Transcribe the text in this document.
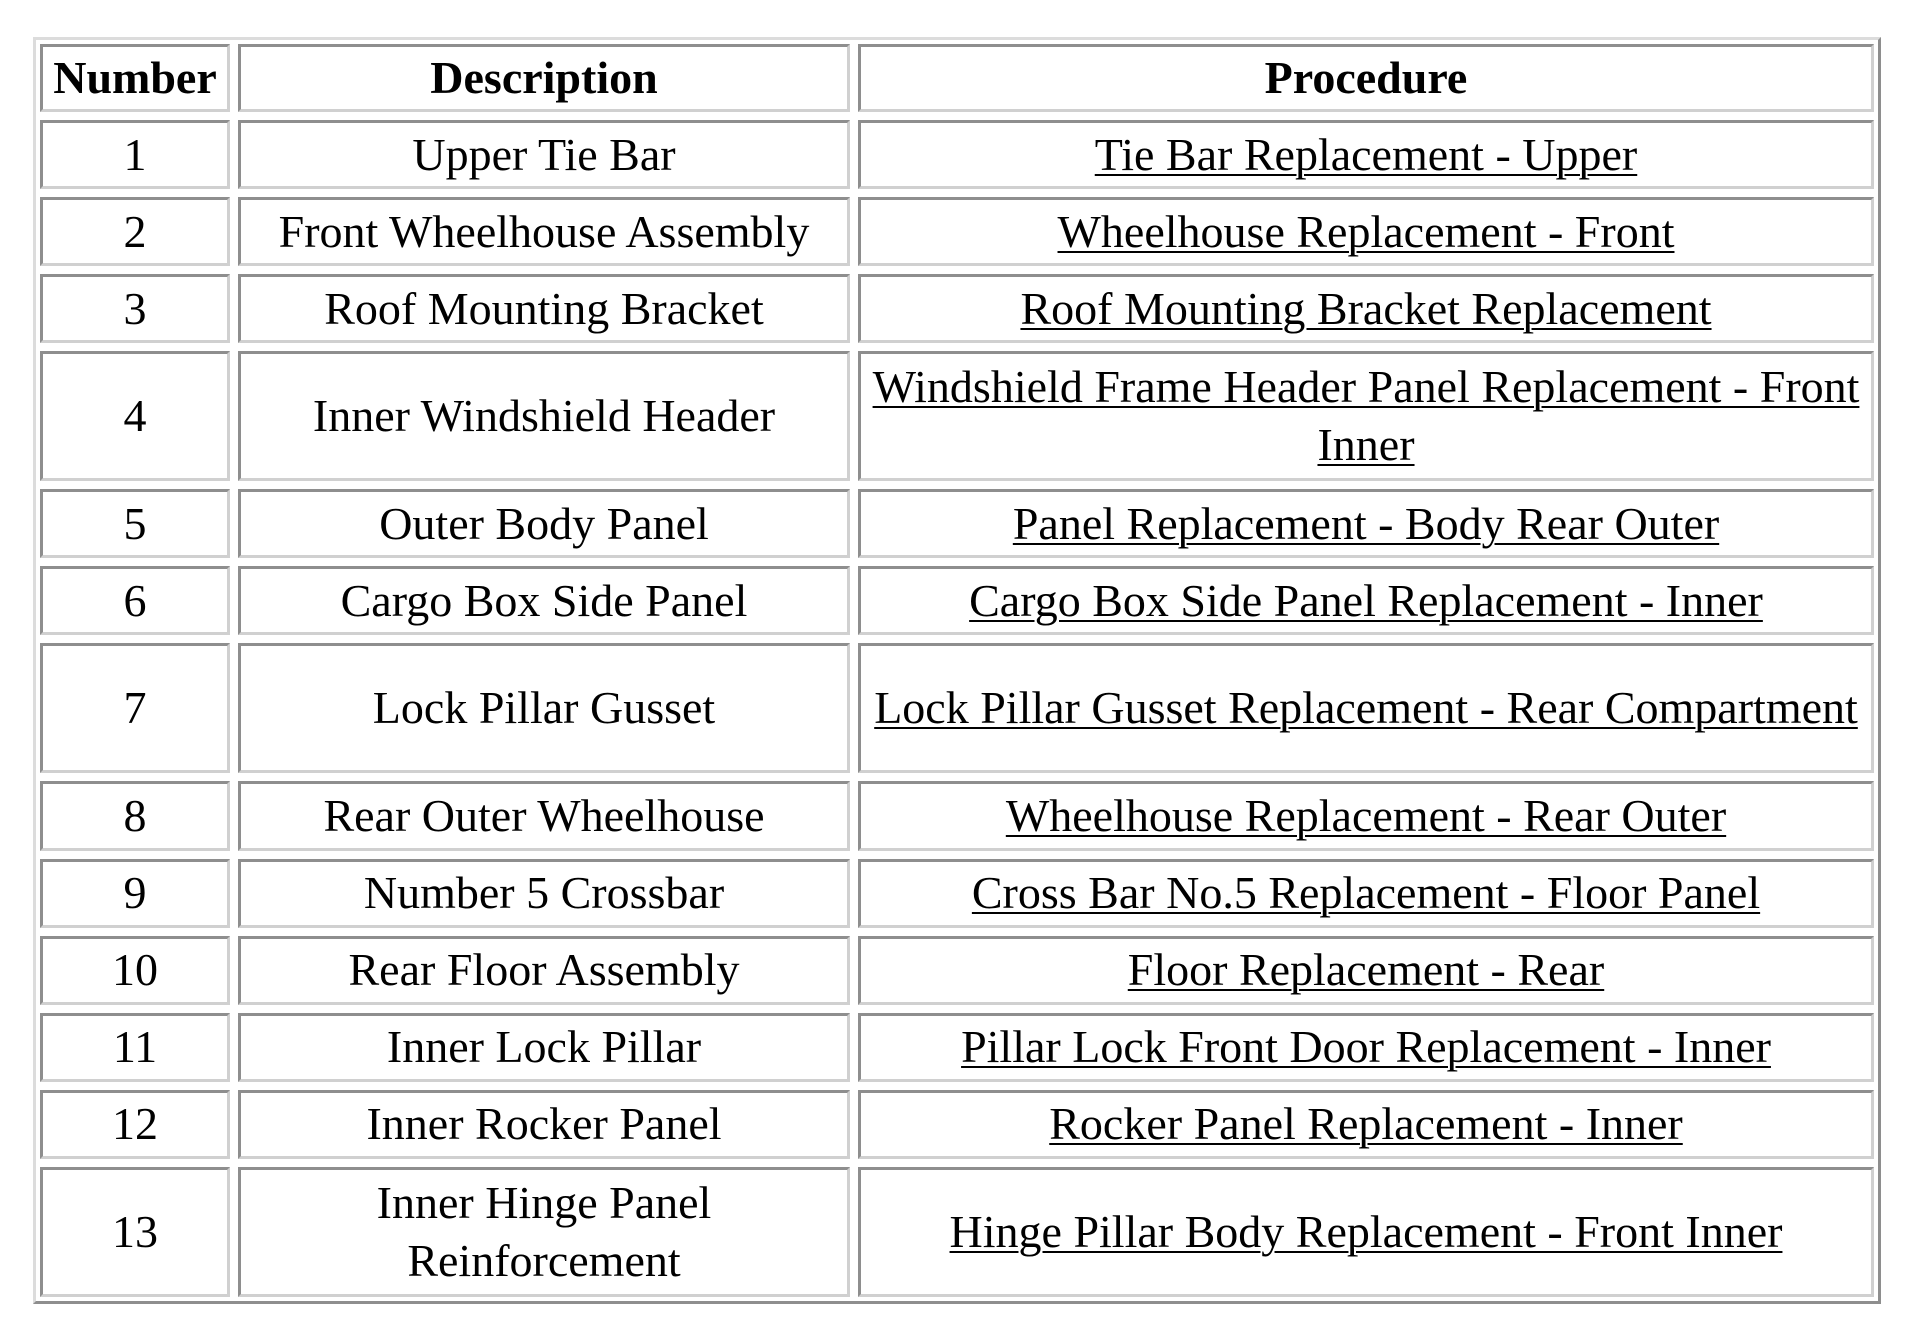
Number	Description	Procedure
1	Upper Tie Bar	Tie Bar Replacement - Upper
2	Front Wheelhouse Assembly	Wheelhouse Replacement - Front
3	Roof Mounting Bracket	Roof Mounting Bracket Replacement
4	Inner Windshield Header	Windshield Frame Header Panel Replacement - Front Inner
5	Outer Body Panel	Panel Replacement - Body Rear Outer
6	Cargo Box Side Panel	Cargo Box Side Panel Replacement - Inner
7	Lock Pillar Gusset	Lock Pillar Gusset Replacement - Rear Compartment
8	Rear Outer Wheelhouse	Wheelhouse Replacement - Rear Outer
9	Number 5 Crossbar	Cross Bar No.5 Replacement - Floor Panel
10	Rear Floor Assembly	Floor Replacement - Rear
11	Inner Lock Pillar	Pillar Lock Front Door Replacement - Inner
12	Inner Rocker Panel	Rocker Panel Replacement - Inner
13	Inner Hinge Panel Reinforcement	Hinge Pillar Body Replacement - Front Inner
